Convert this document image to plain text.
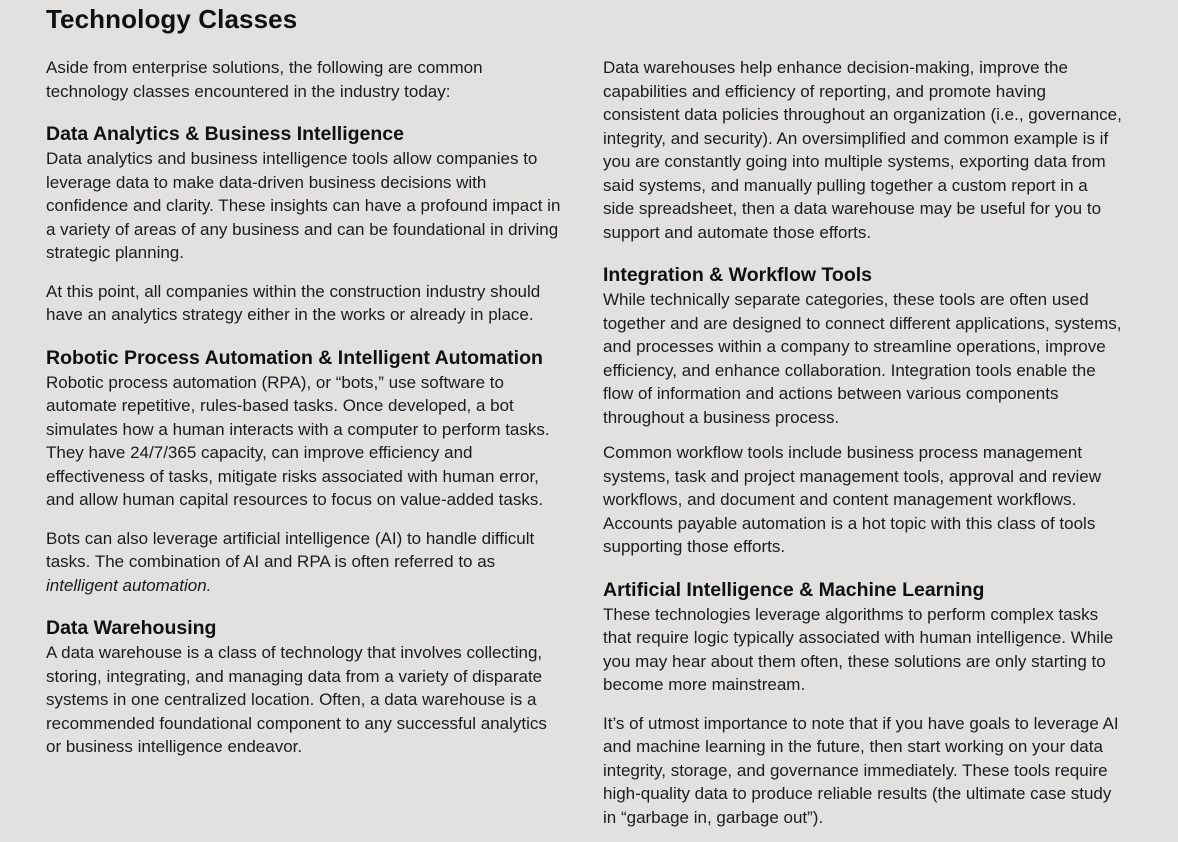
Technology Classes

Aside from enterprise solutions, the following are common technology classes encountered in the industry today:

Data Analytics & Business Intelligence

Data analytics and business intelligence tools allow companies to leverage data to make data-driven business decisions with confidence and clarity. These insights can have a profound impact in a variety of areas of any business and can be foundational in driving strategic planning.

At this point, all companies within the construction industry should have an analytics strategy either in the works or already in place.

Robotic Process Automation & Intelligent Automation

Robotic process automation (RPA), or “bots,” use software to automate repetitive, rules-based tasks. Once developed, a bot simulates how a human interacts with a computer to perform tasks. They have 24/7/365 capacity, can improve efficiency and effectiveness of tasks, mitigate risks associated with human error, and allow human capital resources to focus on value-added tasks.

Bots can also leverage artificial intelligence (AI) to handle difficult tasks. The combination of AI and RPA is often referred to as intelligent automation.

Data Warehousing

A data warehouse is a class of technology that involves collecting, storing, integrating, and managing data from a variety of disparate systems in one centralized location. Often, a data warehouse is a recommended foundational component to any successful analytics or business intelligence endeavor.

Data warehouses help enhance decision-making, improve the capabilities and efficiency of reporting, and promote having consistent data policies throughout an organization (i.e., governance, integrity, and security). An oversimplified and common example is if you are constantly going into multiple systems, exporting data from said systems, and manually pulling together a custom report in a side spreadsheet, then a data warehouse may be useful for you to support and automate those efforts.

Integration & Workflow Tools

While technically separate categories, these tools are often used together and are designed to connect different applications, systems, and processes within a company to streamline operations, improve efficiency, and enhance collaboration. Integration tools enable the flow of information and actions between various components throughout a business process.

Common workflow tools include business process management systems, task and project management tools, approval and review workflows, and document and content management workflows. Accounts payable automation is a hot topic with this class of tools supporting those efforts.

Artificial Intelligence & Machine Learning

These technologies leverage algorithms to perform complex tasks that require logic typically associated with human intelligence. While you may hear about them often, these solutions are only starting to become more mainstream.

It’s of utmost importance to note that if you have goals to leverage AI and machine learning in the future, then start working on your data integrity, storage, and governance immediately. These tools require high-quality data to produce reliable results (the ultimate case study in “garbage in, garbage out”).
